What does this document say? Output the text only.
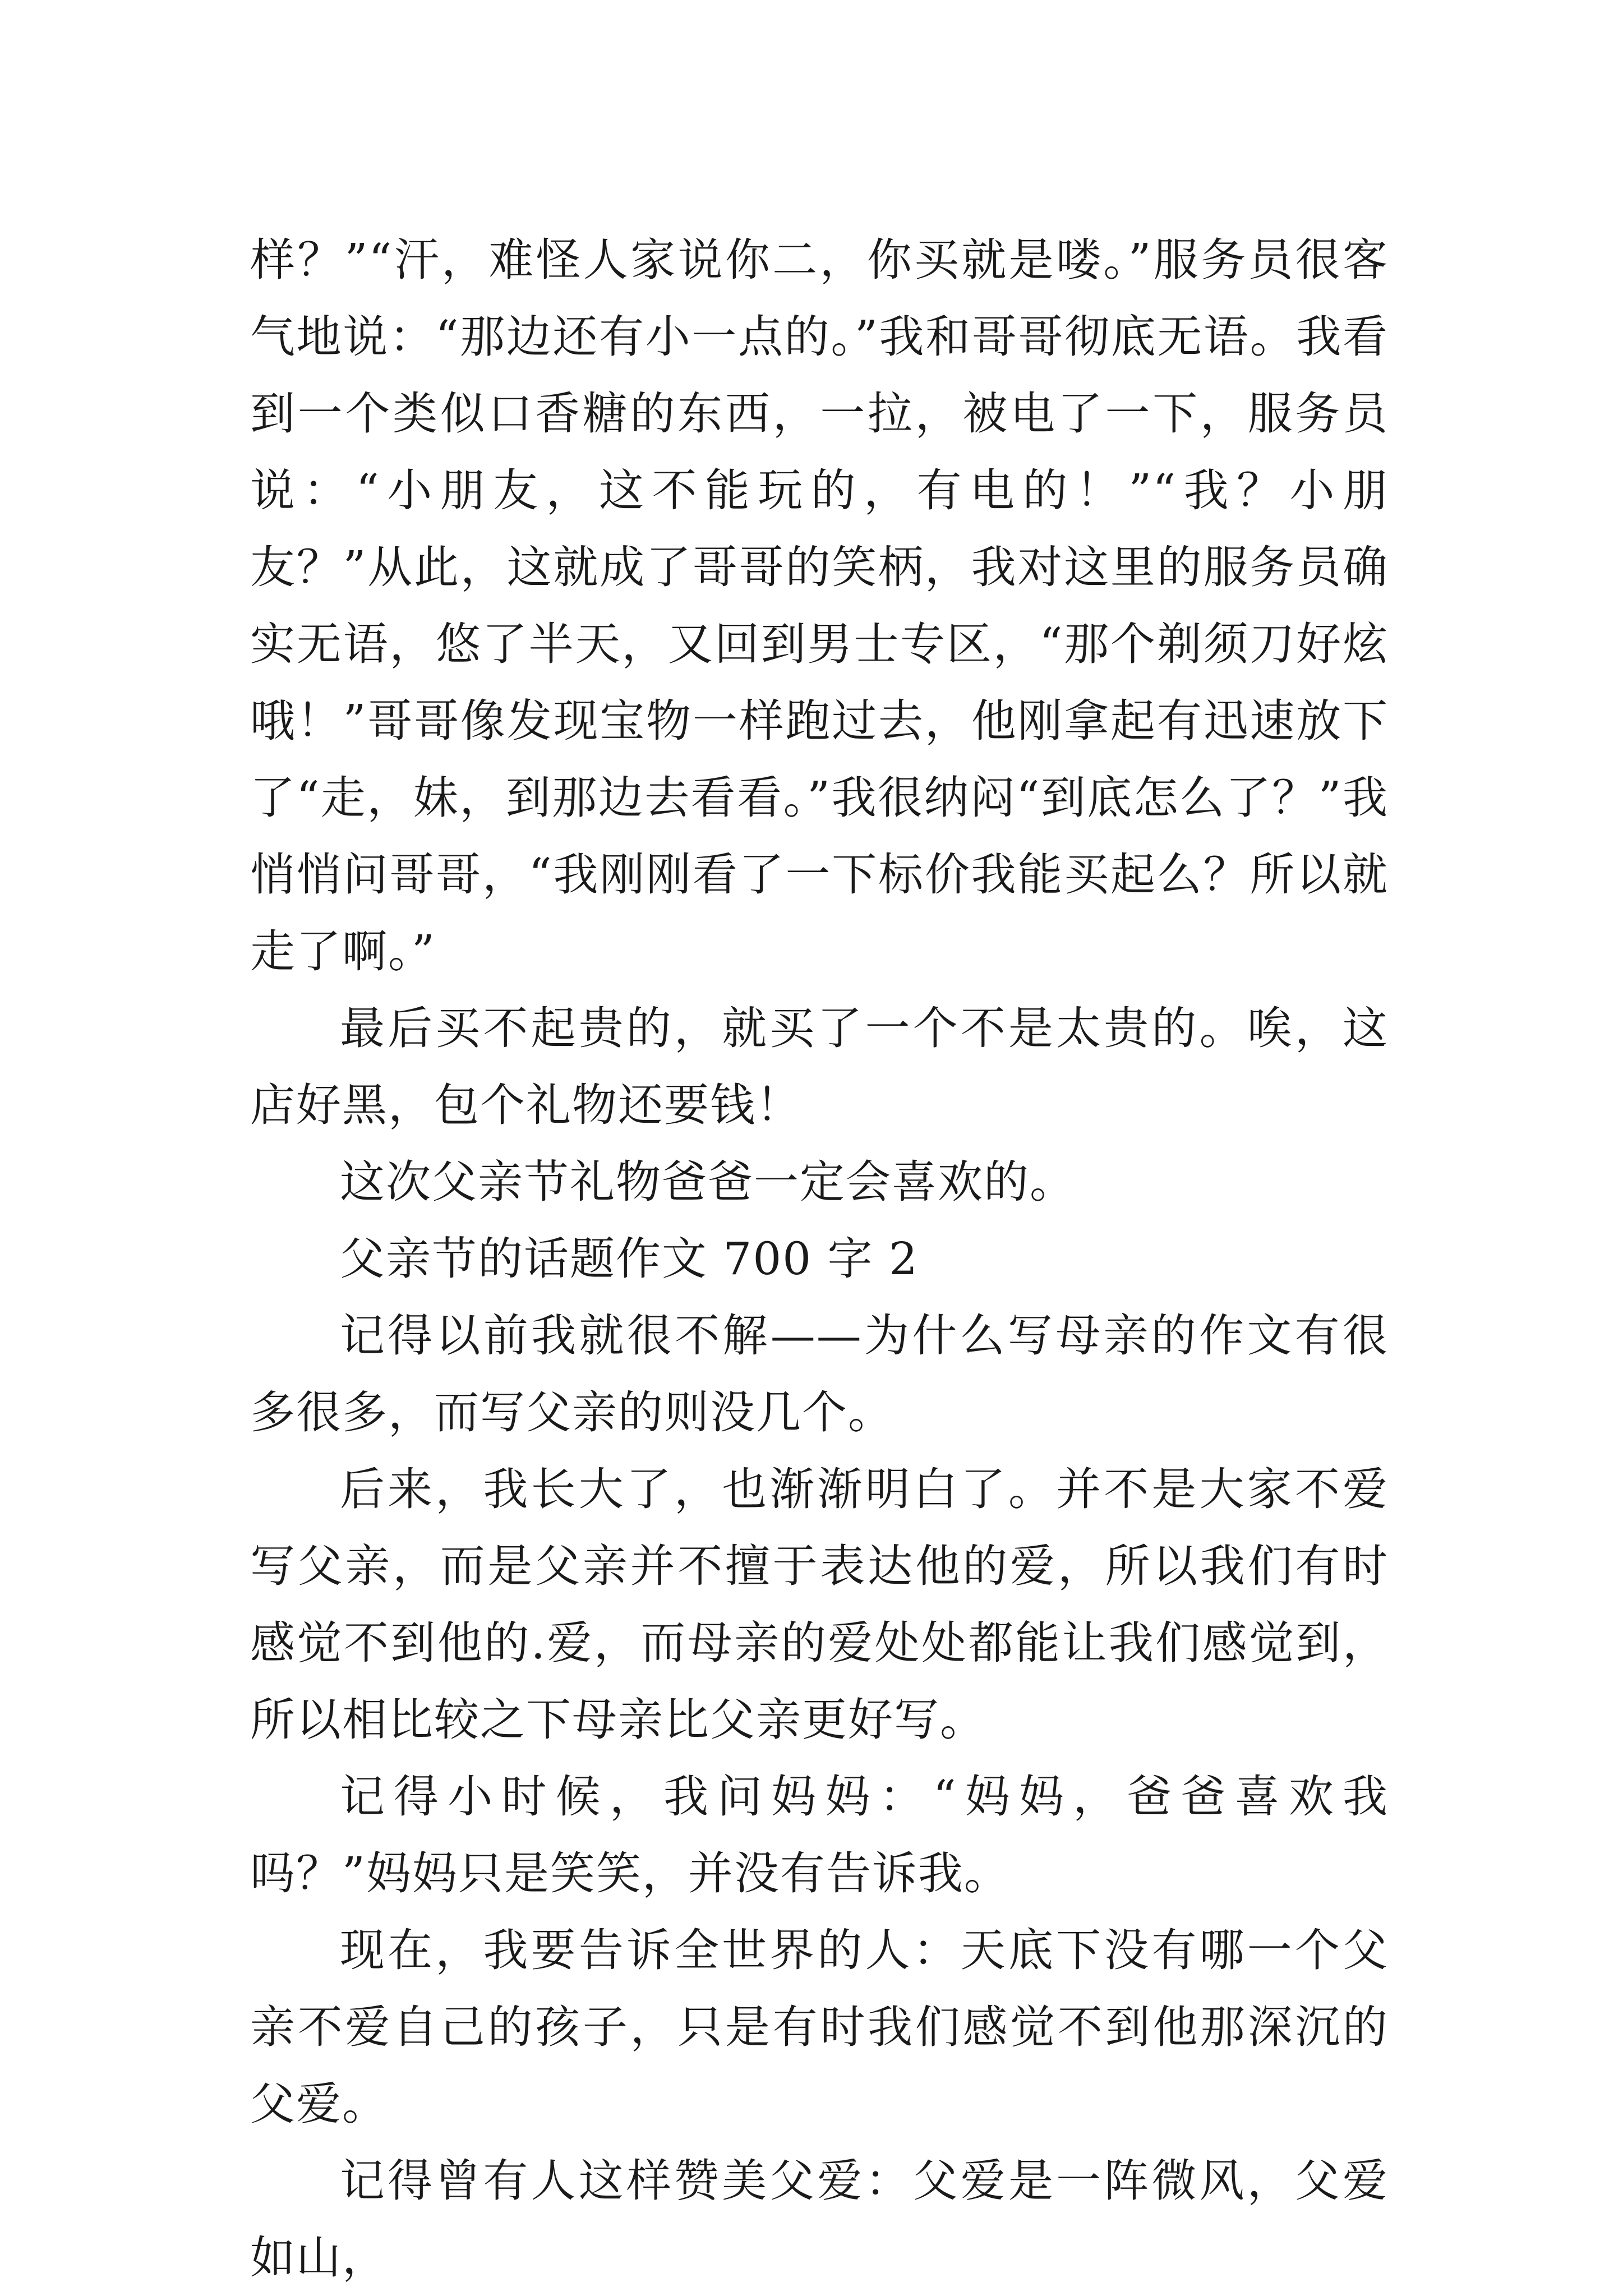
样？”“汗，难怪人家说你二，你买就是喽。”服务员很客气地说：“那边还有小一点的。”我和哥哥彻底无语。我看到一个类似口香糖的东西，一拉，被电了一下，服务员说：“小朋友，这不能玩的，有电的！”“我？小朋友？”从此，这就成了哥哥的笑柄，我对这里的服务员确实无语，悠了半天，又回到男士专区，“那个剃须刀好炫哦！”哥哥像发现宝物一样跑过去，他刚拿起有迅速放下了“走，妹，到那边去看看。”我很纳闷“到底怎么了？”我悄悄问哥哥，“我刚刚看了一下标价我能买起么？所以就走了啊。”

最后买不起贵的，就买了一个不是太贵的。唉，这店好黑，包个礼物还要钱！

这次父亲节礼物爸爸一定会喜欢的。

父亲节的话题作文 700 字 2

记得以前我就很不解——为什么写母亲的作文有很多很多，而写父亲的则没几个。

后来，我长大了，也渐渐明白了。并不是大家不爱写父亲，而是父亲并不擅于表达他的爱，所以我们有时感觉不到他的.爱，而母亲的爱处处都能让我们感觉到，所以相比较之下母亲比父亲更好写。

记得小时候，我问妈妈：“妈妈，爸爸喜欢我吗？”妈妈只是笑笑，并没有告诉我。

现在，我要告诉全世界的人：天底下没有哪一个父亲不爱自己的孩子，只是有时我们感觉不到他那深沉的父爱。

记得曾有人这样赞美父爱：父爱是一阵微风，父爱如山，
